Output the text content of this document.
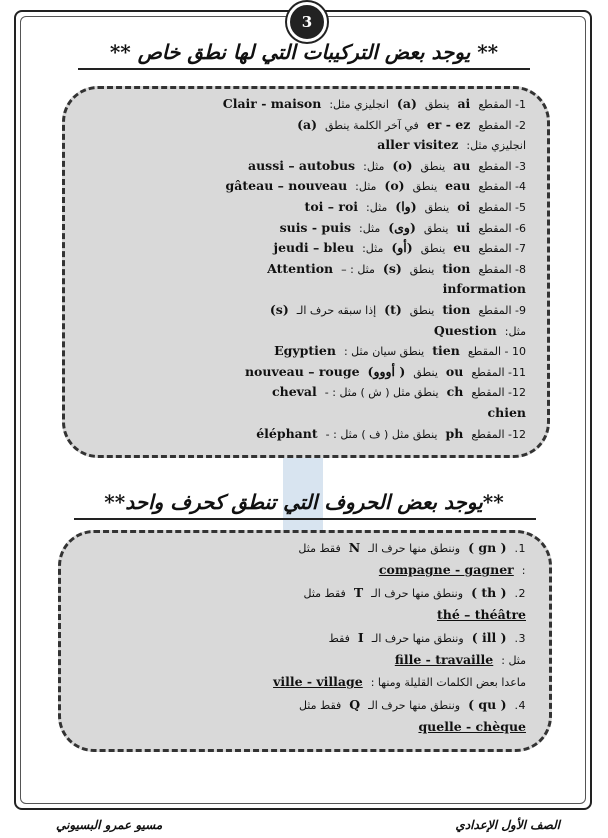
3
** يوجد بعض التركيبات التي لها نطق خاص **
1- المقطعaiينطق(a)انجليزي مثل:Clair - maison
2- المقطعer - ezفي آخر الكلمة ينطق(a)
انجليزي مثل:aller visitez
3- المقطعauينطق(o)مثل:aussi – autobus
4- المقطعeauينطق(o)مثل:gâteau – nouveau
5- المقطعoiينطق(وا)مثل:toi – roi
6- المقطعuiينطق(وى)مثل:suis - puis
7- المقطعeuينطق(أو)مثل:jeudi – bleu
8- المقطعtionينطق(s)مثل : –Attention
information
9- المقطعtionينطق(t)إذا سبقه حرف الـ(s)
مثل:Question
10 - المقطعtienينطق سيان مثل :Egyptien
11- المقطعouينطق( أووو)nouveau – rouge
12- المقطعchينطق مثل ( ش ) مثل : -cheval
chien
12- المقطعphينطق مثل ( ف ) مثل : -éléphant
**يوجد بعض الحروف التي تنطق كحرف واحد**
1.( gn )وننطق منها حرف الـNفقط مثل
:compagne - gagner
2.( th )وننطق منها حرف الـTفقط مثل
thé – théâtre
3.( ill )وننطق منها حرف الـIفقط
مثل :fille - travaille
ماعدا بعض الكلمات القليلة ومنها :ville - village
4.( qu )وننطق منها حرف الـQفقط مثل
quelle - chèque
الصف الأول الإعدادي
مسيو عمرو البسيوني
